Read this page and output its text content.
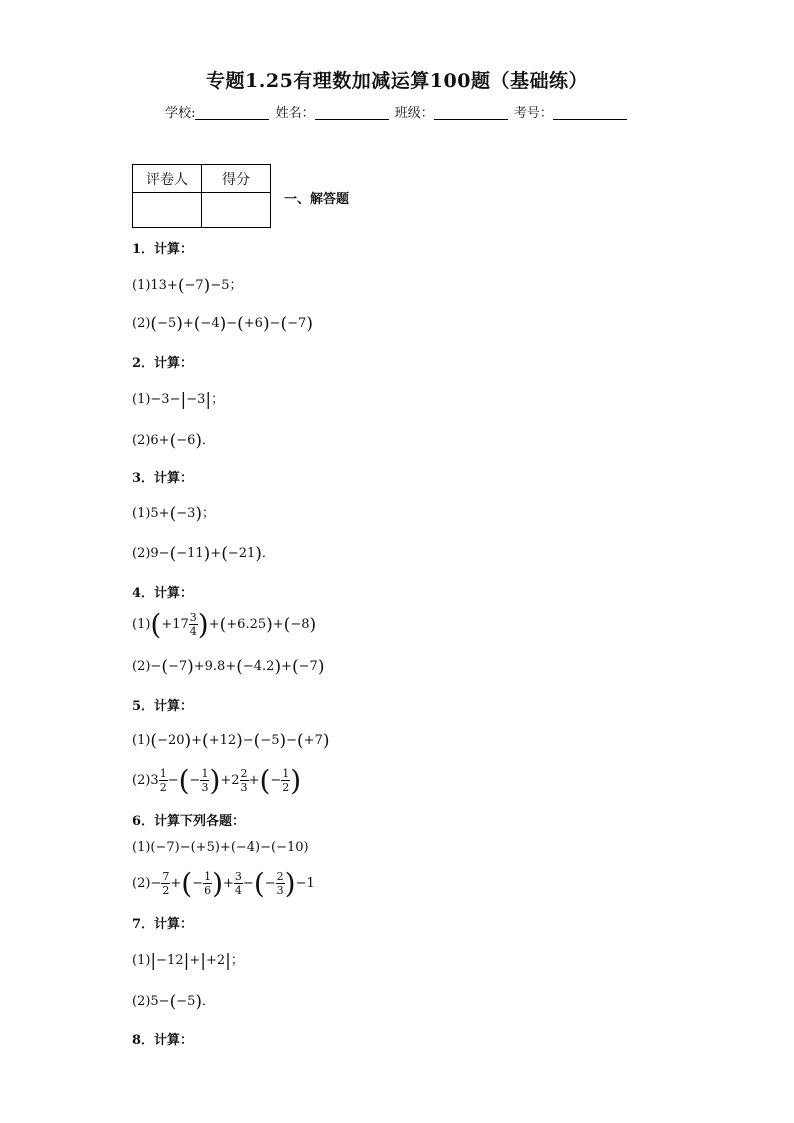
专题1.25有理数加减运算100题（基础练）
学校:	姓名：	班级：	考号：
评卷人	得分

一、解答题
1．计算：
(1)13+(−7)−5；
(2)(−5)+(−4)−(+6)−(−7)
2．计算：
(1)−3−|−3|；
(2)6+(−6)．
3．计算：
(1)5+(−3)；
(2)9−(−11)+(−21)．
4．计算：
$(1)(+17 \frac{3}{4} )+(+6.25)+(-8)$
(2)−(−7)+9.8+(−4.2)+(−7)
5．计算：
(1)(−20)+(+12)−(−5)−(+7)
$(2)3 \frac{1}{2}$ −(− $\frac{1}{3} )+2 \frac{2}{3}$ +(− $\frac{1}{2}$ )
6．计算下列各题：
(1)(−7)−(+5)+(−4)−(−10)
$(2)- \frac{7}{2}$ +(− $\frac{1}{6}$ )+ $\frac{3}{4}$ −(− $\frac{2}{3} )-1$
7．计算：
(1)|−12|+|+2|；
(2)5−(−5)．
8．计算：
